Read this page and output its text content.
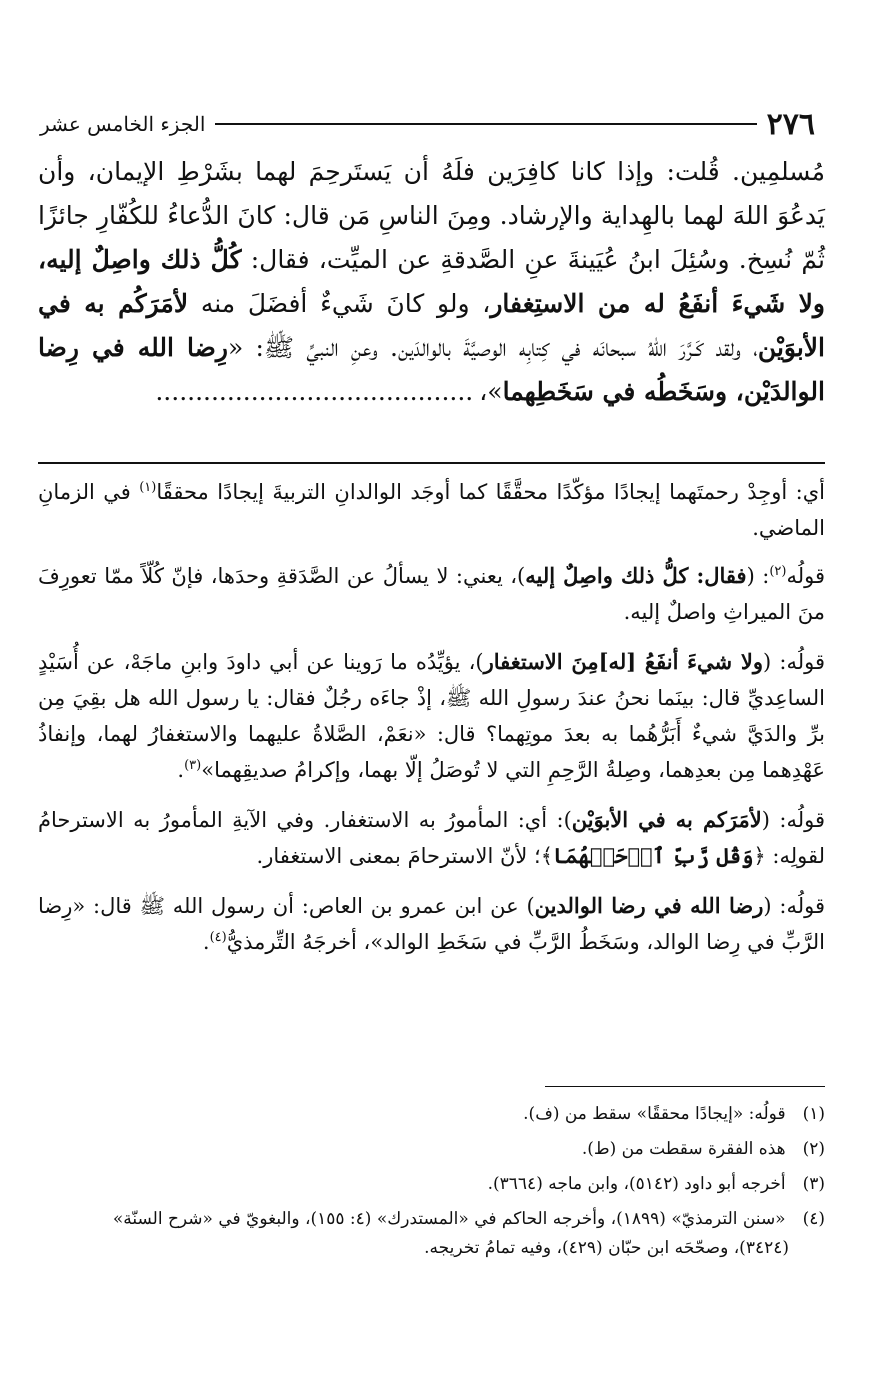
٢٧٦
الجزء الخامس عشر

مُسلمِين. قُلت: وإذا كانا كافِرَين فلَهُ أن يَستَرحِمَ لهما بشَرْطِ الإيمان، وأن يَدعُوَ اللهَ لهما بالهِداية والإرشاد. ومِنَ الناسِ مَن قال: كانَ الدُّعاءُ للكُفّارِ جائزًا ثُمّ نُسِخ. وسُئِلَ ابنُ عُيَينةَ عنِ الصَّدقةِ عن الميِّت، فقال: كُلُّ ذلك واصِلٌ إليه، ولا شَيءَ أنفَعُ له من الاستِغفار، ولو كانَ شَيءٌ أفضَلَ منه لأمَرَكُم به في الأبوَيْن، ولقد كَـرَّرَ اللهُ سبحانَه في كِتابِه الوصيَّةَ بالوالدَين. وعنِ النبيِّ ﷺ: «رِضا الله في رِضا الوالدَيْن، وسَخَطُه في سَخَطِهما»،........................................

أي: أوجِدْ رحمتَهما إيجادًا مؤكّدًا محقَّقًا كما أوجَد الوالدانِ التربيةَ إيجادًا محققًا$^{(١)}$ في الزمانِ الماضي.

قولُه$^{(٢)}$: (فقال: كلُّ ذلك واصِلٌ إليه)، يعني: لا يسألُ عن الصَّدَقةِ وحدَها، فإنّ كُلّاً ممّا تعورِفَ منَ الميراثِ واصلٌ إليه.

قولُه: (ولا شيءَ أنفَعُ [له]مِنَ الاستغفار)، يؤيِّدُه ما رَوينا عن أبي داودَ وابنِ ماجَهْ، عن أُسَيْدٍ الساعِديِّ قال: بينَما نحنُ عندَ رسولِ الله ﷺ، إذْ جاءَه رجُلٌ فقال: يا رسول الله هل بقِيَ مِن برِّ والدَيَّ شيءٌ أَبَرُّهُما به بعدَ موتِهما؟ قال: «نعَمْ، الصَّلاةُ عليهما والاستغفارُ لهما، وإنفاذُ عَهْدِهما مِن بعدِهما، وصِلةُ الرَّحِمِ التي لا تُوصَلُ إلّا بهما، وإكرامُ صديقِهما»$^{(٣)}$.

قولُه: (لأمَرَكم به في الأبوَيْن): أي: المأمورُ به الاستغفار. وفي الآيةِ المأمورُ به الاسترحامُ لقولِه: ﴿وَقُل رَّبِّ ٱرۡحَمۡهُمَا﴾؛ لأنّ الاسترحامَ بمعنى الاستغفار.

قولُه: (رضا الله في رضا الوالدين) عن ابن عمرو بن العاص: أن رسول الله ﷺ قال: «رِضا الرَّبِّ في رِضا الوالد، وسَخَطُ الرَّبِّ في سَخَطِ الوالد»، أخرجَهُ التِّرمذيُّ$^{(٤)}$.

(١) قولُه: «إيجادًا محققًا» سقط من (ف).

(٢) هذه الفقرة سقطت من (ط).

(٣) أخرجه أبو داود (٥١٤٢)، وابن ماجه (٣٦٦٤).

(٤) «سنن الترمذيّ» (١٨٩٩)، وأخرجه الحاكم في «المستدرك» (٤: ١٥٥)، والبغويّ في «شرح السنّة»

(٣٤٢٤)، وصحّحَه ابن حبّان (٤٢٩)، وفيه تمامُ تخريجه.
